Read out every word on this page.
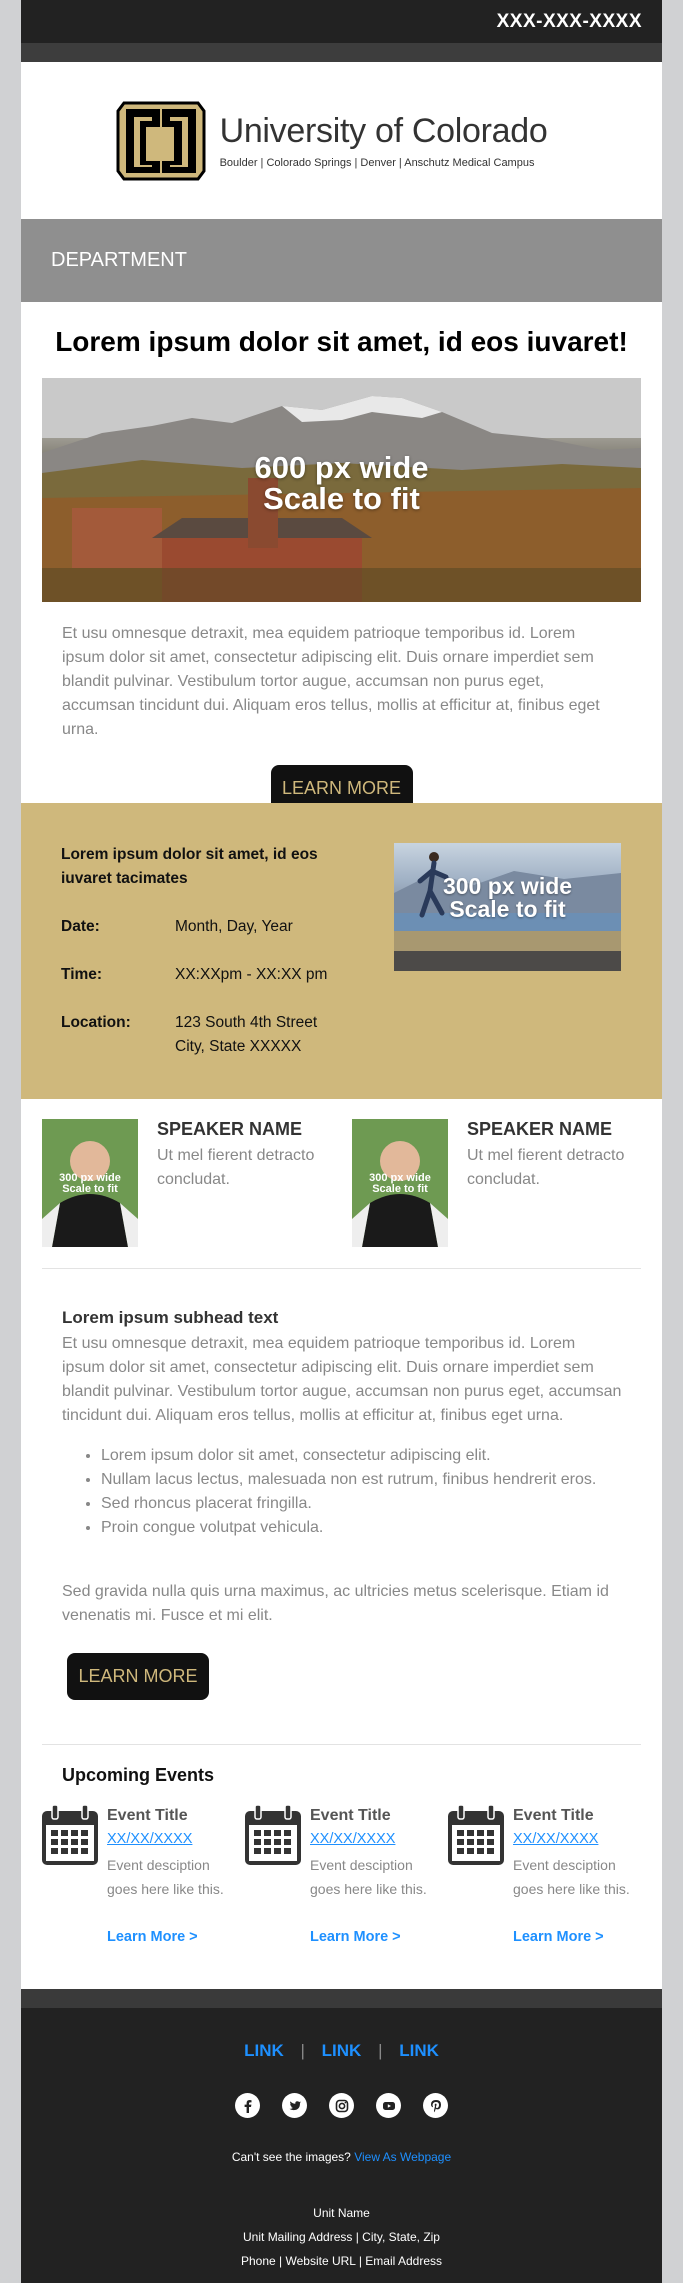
XXX-XXX-XXXX
University of Colorado
Boulder | Colorado Springs | Denver | Anschutz Medical Campus
DEPARTMENT
Lorem ipsum dolor sit amet, id eos iuvaret!
600 px wide
Scale to fit
Et usu omnesque detraxit, mea equidem patrioque temporibus id. Lorem ipsum dolor sit amet, consectetur adipiscing elit. Duis ornare imperdiet sem blandit pulvinar. Vestibulum tortor augue, accumsan non purus eget, accumsan tincidunt dui. Aliquam eros tellus, mollis at efficitur at, finibus eget urna.
LEARN MORE
Lorem ipsum dolor sit amet, id eos iuvaret tacimates
Date:	Month, Day, Year
Time:	XX:XXpm - XX:XX pm
Location:	123 South 4th Street
City, State XXXXX
300 px wide
Scale to fit
300 px wide
Scale to fit
SPEAKER NAME
Ut mel fierent detracto concludat.	300 px wide
Scale to fit
SPEAKER NAME
Ut mel fierent detracto concludat.
Lorem ipsum subhead text
Et usu omnesque detraxit, mea equidem patrioque temporibus id. Lorem ipsum dolor sit amet, consectetur adipiscing elit. Duis ornare imperdiet sem blandit pulvinar. Vestibulum tortor augue, accumsan non purus eget, accumsan tincidunt dui. Aliquam eros tellus, mollis at efficitur at, finibus eget urna.
• Lorem ipsum dolor sit amet, consectetur adipiscing elit.
• Nullam lacus lectus, malesuada non est rutrum, finibus hendrerit eros.
• Sed rhoncus placerat fringilla.
• Proin congue volutpat vehicula.
Sed gravida nulla quis urna maximus, ac ultricies metus scelerisque. Etiam id venenatis mi. Fusce et mi elit.
LEARN MORE
Upcoming Events
Event Title
XX/XX/XXXX
Event desciption goes here like this.
Learn More >
Event Title
XX/XX/XXXX
Event desciption goes here like this.
Learn More >
Event Title
XX/XX/XXXX
Event desciption goes here like this.
Learn More >
LINK | LINK | LINK
Can't see the images? View As Webpage
Unit Name
Unit Mailing Address | City, State, Zip
Phone | Website URL | Email Address
